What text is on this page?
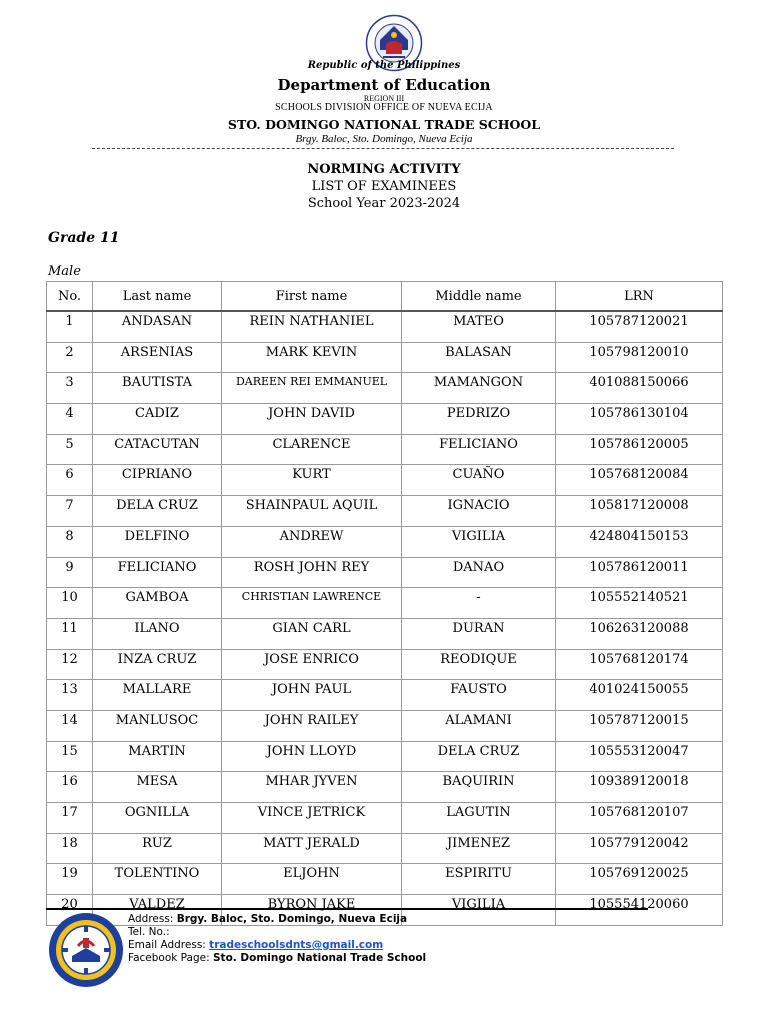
Republic of the Philippines
Department of Education
REGION III
SCHOOLS DIVISION OFFICE OF NUEVA ECIJA
STO. DOMINGO NATIONAL TRADE SCHOOL
Brgy. Baloc, Sto. Domingo, Nueva Ecija
NORMING ACTIVITY
LIST OF EXAMINEES
School Year 2023-2024
Grade 11
Male
No.	Last name	First name	Middle name	LRN
1	ANDASAN	REIN NATHANIEL	MATEO	105787120021
2	ARSENIAS	MARK KEVIN	BALASAN	105798120010
3	BAUTISTA	DAREEN REI EMMANUEL	MAMANGON	401088150066
4	CADIZ	JOHN DAVID	PEDRIZO	105786130104
5	CATACUTAN	CLARENCE	FELICIANO	105786120005
6	CIPRIANO	KURT	CUAÑO	105768120084
7	DELA CRUZ	SHAINPAUL AQUIL	IGNACIO	105817120008
8	DELFINO	ANDREW	VIGILIA	424804150153
9	FELICIANO	ROSH JOHN REY	DANAO	105786120011
10	GAMBOA	CHRISTIAN LAWRENCE	-	105552140521
11	ILANO	GIAN CARL	DURAN	106263120088
12	INZA CRUZ	JOSE ENRICO	REODIQUE	105768120174
13	MALLARE	JOHN PAUL	FAUSTO	401024150055
14	MANLUSOC	JOHN RAILEY	ALAMANI	105787120015
15	MARTIN	JOHN LLOYD	DELA CRUZ	105553120047
16	MESA	MHAR JYVEN	BAQUIRIN	109389120018
17	OGNILLA	VINCE JETRICK	LAGUTIN	105768120107
18	RUZ	MATT JERALD	JIMENEZ	105779120042
19	TOLENTINO	ELJOHN	ESPIRITU	105769120025
20	VALDEZ	BYRON JAKE	VIGILIA	105554120060
Address: Brgy. Baloc, Sto. Domingo, Nueva Ecija
Tel. No.:
Email Address: tradeschoolsdnts@gmail.com
Facebook Page: Sto. Domingo National Trade School
